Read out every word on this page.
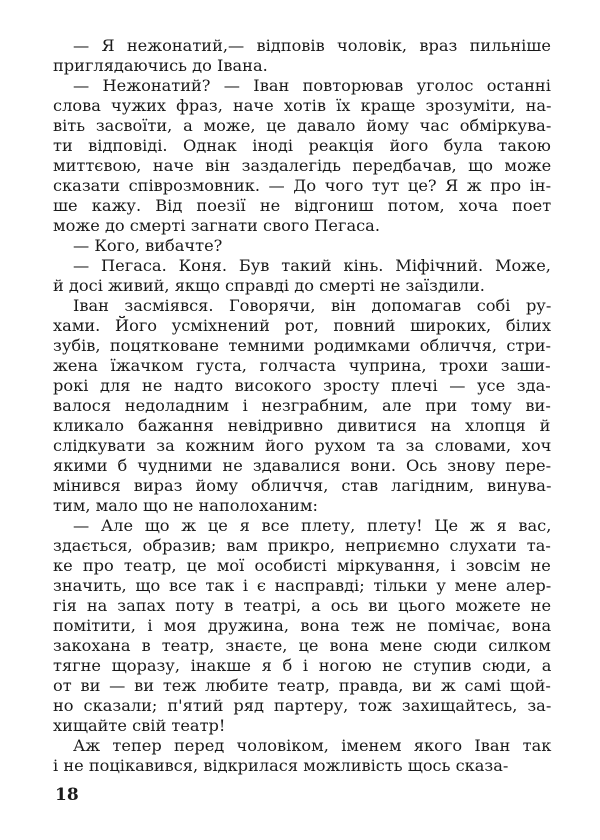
— Я нежонатий,— відповів чоловік, враз пильніше
приглядаючись до Івана.
— Нежонатий? — Іван повторював уголос останні
слова чужих фраз, наче хотів їх краще зрозуміти, на-
віть засвоїти, а може, це давало йому час обміркува-
ти відповіді. Однак іноді реакція його була такою
миттєвою, наче він заздалегідь передбачав, що може
сказати співрозмовник. — До чого тут це? Я ж про ін-
ше кажу. Від поезії не відгониш потом, хоча поет
може до смерті загнати свого Пегаса.
— Кого, вибачте?
— Пегаса. Коня. Був такий кінь. Міфічний. Може,
й досі живий, якщо справді до смерті не заїздили.
Іван засміявся. Говорячи, він допомагав собі ру-
хами. Його усміхнений рот, повний широких, білих
зубів, поцятковане темними родимками обличчя, стри-
жена їжачком густа, голчаста чуприна, трохи заши-
рокі для не надто високого зросту плечі — усе зда-
валося недоладним і незграбним, але при тому ви-
кликало бажання невідривно дивитися на хлопця й
слідкувати за кожним його рухом та за словами, хоч
якими б чудними не здавалися вони. Ось знову пере-
мінився вираз йому обличчя, став лагідним, винува-
тим, мало що не наполоханим:
— Але що ж це я все плету, плету! Це ж я вас,
здається, образив; вам прикро, неприємно слухати та-
ке про театр, це мої особисті міркування, і зовсім не
значить, що все так і є насправді; тільки у мене алер-
гія на запах поту в театрі, а ось ви цього можете не
помітити, і моя дружина, вона теж не помічає, вона
закохана в театр, знаєте, це вона мене сюди силком
тягне щоразу, інакше я б і ногою не ступив сюди, а
от ви — ви теж любите театр, правда, ви ж самі щой-
но сказали; п'ятий ряд партеру, тож захищайтесь, за-
хищайте свій театр!
Аж тепер перед чоловіком, іменем якого Іван так
і не поцікавився, відкрилася можливість щось сказа-
18
